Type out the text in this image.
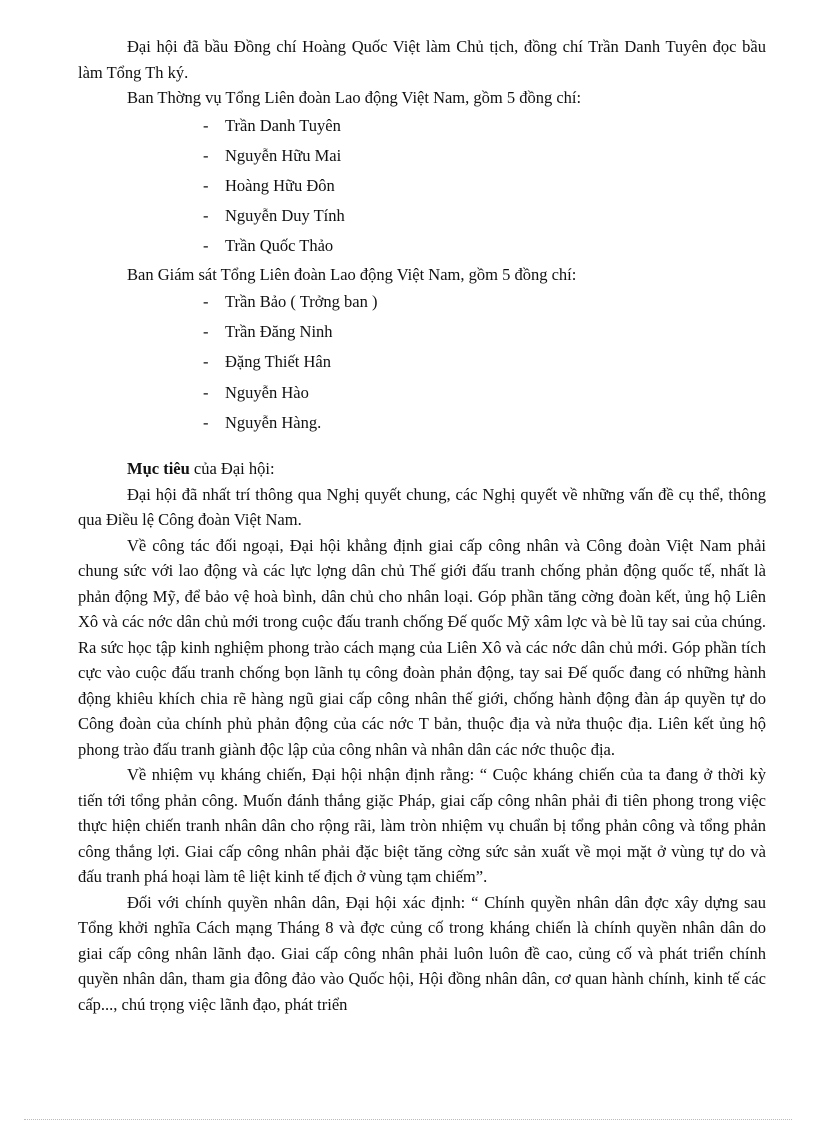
Đại hội đã bầu Đồng chí Hoàng Quốc Việt làm Chủ tịch, đồng chí Trần Danh Tuyên đọc bầu làm Tổng Th ký.

Ban Thờng vụ Tổng Liên đoàn Lao động Việt Nam, gồm 5 đồng chí:

- Trần Danh Tuyên
- Nguyễn Hữu Mai
- Hoàng Hữu Đôn
- Nguyễn Duy Tính
- Trần Quốc Thảo

Ban Giám sát Tổng Liên đoàn Lao động Việt Nam, gồm 5 đồng chí:

- Trần Bảo ( Trởng ban )
- Trần Đăng Ninh
- Đặng Thiết Hân
- Nguyễn Hào
- Nguyễn Hàng.

Mục tiêu của Đại hội:

Đại hội đã nhất trí thông qua Nghị quyết chung, các Nghị quyết về những vấn đề cụ thể, thông qua Điều lệ Công đoàn Việt Nam.

Về công tác đối ngoại, Đại hội khẳng định giai cấp công nhân và Công đoàn Việt Nam phải chung sức với lao động và các lực lợng dân chủ Thế giới đấu tranh chống phản động quốc tế, nhất là phản động Mỹ, để bảo vệ hoà bình, dân chủ cho nhân loại. Góp phần tăng cờng đoàn kết, ủng hộ Liên Xô và các nớc dân chủ mới trong cuộc đấu tranh chống Đế quốc Mỹ xâm lợc và bè lũ tay sai của chúng. Ra sức học tập kinh nghiệm phong trào cách mạng của Liên Xô và các nớc dân chủ mới. Góp phần tích cực vào cuộc đấu tranh chống bọn lãnh tụ công đoàn phản động, tay sai Đế quốc đang có những hành động khiêu khích chia rẽ hàng ngũ giai cấp công nhân thế giới, chống hành động đàn áp quyền tự do Công đoàn của chính phủ phản động của các nớc T bản, thuộc địa và nửa thuộc địa. Liên kết ủng hộ phong trào đấu tranh giành độc lập của công nhân và nhân dân các nớc thuộc địa.

Về nhiệm vụ kháng chiến, Đại hội nhận định rằng: “ Cuộc kháng chiến của ta đang ở thời kỳ tiến tới tổng phản công. Muốn đánh thắng giặc Pháp, giai cấp công nhân phải đi tiên phong trong việc thực hiện chiến tranh nhân dân cho rộng rãi, làm tròn nhiệm vụ chuẩn bị tổng phản công và tổng phản công thắng lợi. Giai cấp công nhân phải đặc biệt tăng cờng sức sản xuất về mọi mặt ở vùng tự do và đấu tranh phá hoại làm tê liệt kinh tế địch ở vùng tạm chiếm”.

Đối với chính quyền nhân dân, Đại hội xác định: “ Chính quyền nhân dân đợc xây dựng sau Tổng khởi nghĩa Cách mạng Tháng 8 và đợc củng cố trong kháng chiến là chính quyền nhân dân do giai cấp công nhân lãnh đạo. Giai cấp công nhân phải luôn luôn đề cao, củng cố và phát triển chính quyền nhân dân, tham gia đông đảo vào Quốc hội, Hội đồng nhân dân, cơ quan hành chính, kinh tế các cấp..., chú trọng việc lãnh đạo, phát triển
